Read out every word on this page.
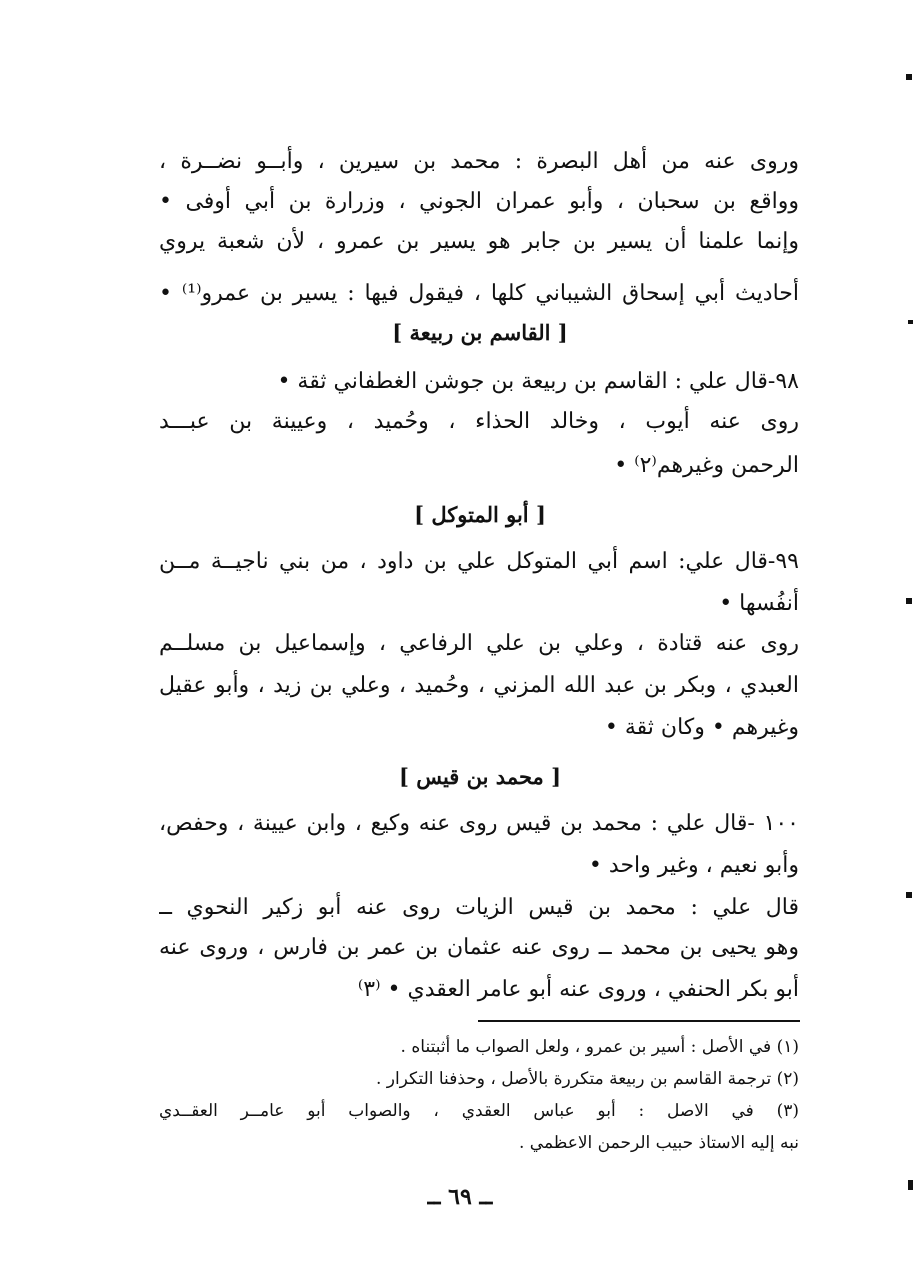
وروى عنه من أهل البصرة : محمد بن سيرين ، وأبــو نضــرة ،
وواقع بن سحبان ، وأبو عمران الجوني ، وزرارة بن أبي أوفى •
وإنما علمنا أن يسير بن جابر هو يسير بن عمرو ، لأن شعبة يروي
أحاديث أبي إسحاق الشيباني كلها ، فيقول فيها : يسير بن عمرو⁽¹⁾ •
[ القاسم بن ربيعة ]
٩٨-قال علي : القاسم بن ربيعة بن جوشن الغطفاني ثقة •
روى عنه أيوب ، وخالد الحذاء ، وحُميد ، وعيينة بن عبـــد
الرحمن وغيرهم⁽٢⁾ •
[ أبو المتوكل ]
٩٩-قال علي: اسم أبي المتوكل علي بن داود ، من بني ناجيــة مــن
أنفُسها •
روى عنه قتادة ، وعلي بن علي الرفاعي ، وإسماعيل بن مسلــم
العبدي ، وبكر بن عبد الله المزني ، وحُميد ، وعلي بن زيد ، وأبو عقيل
وغيرهم • وكان ثقة •
[ محمد بن قيس ]
١٠٠ -قال علي : محمد بن قيس روى عنه وكيع ، وابن عيينة ، وحفص،
وأبو نعيم ، وغير واحد •
قال علي : محمد بن قيس الزيات روى عنه أبو زكير النحوي ــ
وهو يحيى بن محمد ــ روى عنه عثمان بن عمر بن فارس ، وروى عنه
أبو بكر الحنفي ، وروى عنه أبو عامر العقدي • ⁽٣⁾
(١) في الأصل : أسير بن عمرو ، ولعل الصواب ما أثبتناه .
(٢) ترجمة القاسم بن ربيعة متكررة بالأصل ، وحذفنا التكرار .
(٣) في الاصل : أبو عباس العقدي ، والصواب أبو عامــر العقــدي
نبه إليه الاستاذ حبيب الرحمن الاعظمي .
ــ ٦٩ ــ
